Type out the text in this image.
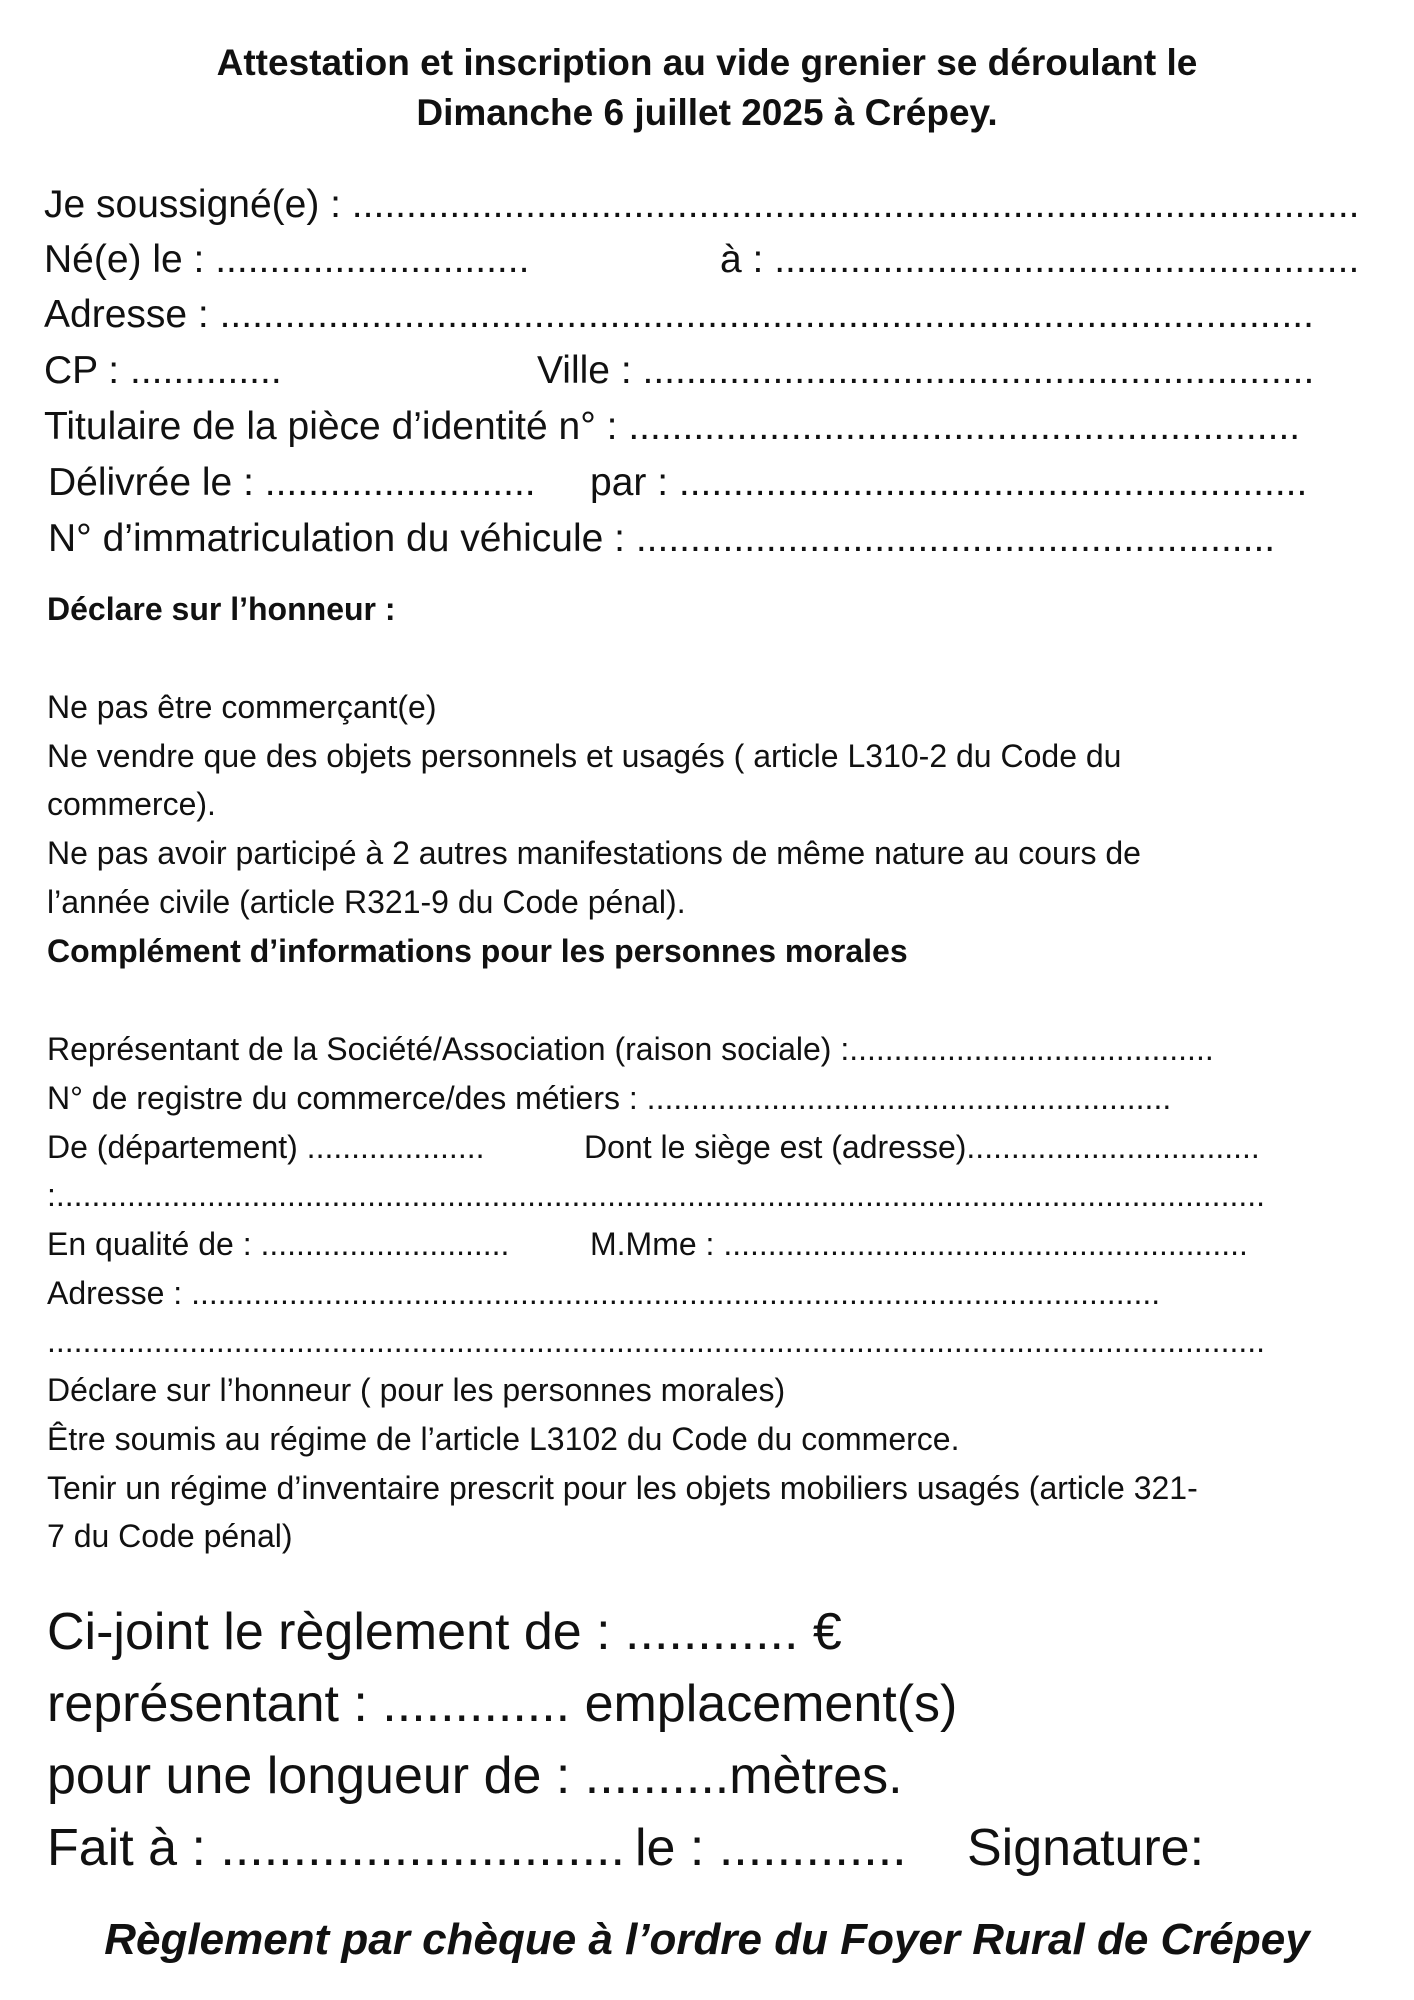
Attestation et inscription au vide grenier se déroulant le
Dimanche 6 juillet 2025 à Crépey.
Je soussigné(e) : .............................................................................................
Né(e) le : .............................	à : ......................................................
Adresse : .....................................................................................................
CP : ..............	Ville : ..............................................................
Titulaire de la pièce d’identité n° : ..............................................................
Délivrée le : ......................... par : ..........................................................
N° d’immatriculation du véhicule : ...........................................................
Déclare sur l’honneur :
Ne pas être commerçant(e)
Ne vendre que des objets personnels et usagés ( article L310-2 du Code du
commerce).
Ne pas avoir participé à 2 autres manifestations de même nature au cours de
l’année civile (article R321-9 du Code pénal).
Complément d’informations pour les personnes morales
Représentant de la Société/Association (raison sociale) :.........................................
N° de registre du commerce/des métiers : ...........................................................
De (département) ....................	Dont le siège est (adresse).................................
:........................................................................................................................................
En qualité de : ............................	M.Mme : ...........................................................
Adresse : .............................................................................................................
.........................................................................................................................................
Déclare sur l’honneur ( pour les personnes morales)
Être soumis au régime de l’article L3102 du Code du commerce.
Tenir un régime d’inventaire prescrit pour les objets mobiliers usagés (article 321-
7 du Code pénal)
Ci-joint le règlement de : ............ €
représentant : ............. emplacement(s)
pour une longueur de : ..........mètres.
Fait à : ............................ le : ............. Signature:
Règlement par chèque à l’ordre du Foyer Rural de Crépey
